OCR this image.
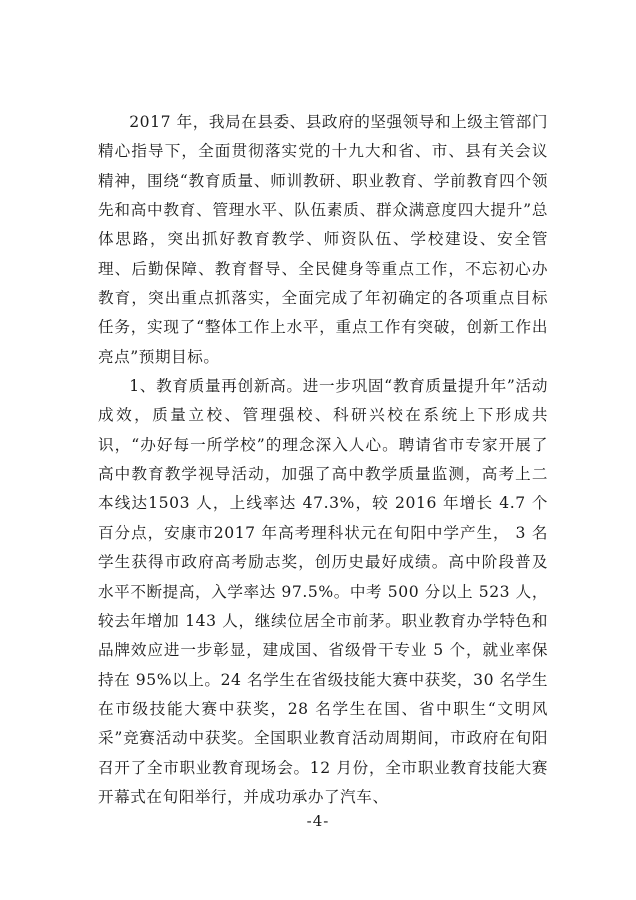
2017 年，我局在县委、县政府的坚强领导和上级主管部门精心指导下，全面贯彻落实党的十九大和省、市、县有关会议精神，围绕“教育质量、师训教研、职业教育、学前教育四个领先和高中教育、管理水平、队伍素质、群众满意度四大提升”总体思路，突出抓好教育教学、师资队伍、学校建设、安全管理、后勤保障、教育督导、全民健身等重点工作，不忘初心办教育，突出重点抓落实，全面完成了年初确定的各项重点目标任务，实现了“整体工作上水平，重点工作有突破，创新工作出亮点”预期目标。

1、教育质量再创新高。进一步巩固“教育质量提升年”活动成效，质量立校、管理强校、科研兴校在系统上下形成共识，“办好每一所学校”的理念深入人心。聘请省市专家开展了高中教育教学视导活动，加强了高中教学质量监测，高考上二本线达1503 人，上线率达 47.3%，较 2016 年增长 4.7 个百分点，安康市2017 年高考理科状元在旬阳中学产生， 3 名学生获得市政府高考励志奖，创历史最好成绩。高中阶段普及水平不断提高，入学率达 97.5%。中考 500 分以上 523 人，较去年增加 143 人，继续位居全市前茅。职业教育办学特色和品牌效应进一步彰显，建成国、省级骨干专业 5 个，就业率保持在 95%以上。24 名学生在省级技能大赛中获奖，30 名学生在市级技能大赛中获奖，28 名学生在国、省中职生“文明风采”竞赛活动中获奖。全国职业教育活动周期间，市政府在旬阳召开了全市职业教育现场会。12 月份，全市职业教育技能大赛开幕式在旬阳举行，并成功承办了汽车、

-4-
